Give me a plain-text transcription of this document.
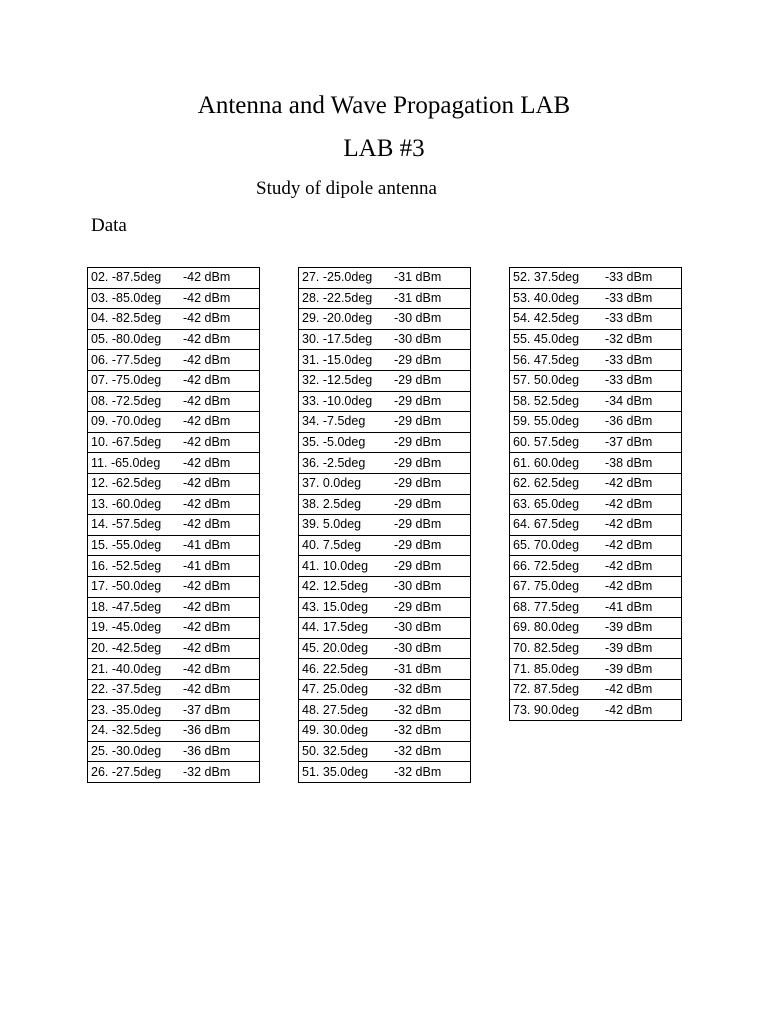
Antenna and Wave Propagation LAB
LAB #3
Study of dipole antenna
Data
02. -87.5deg -42 dBm
03. -85.0deg -42 dBm
04. -82.5deg -42 dBm
05. -80.0deg -42 dBm
06. -77.5deg -42 dBm
07. -75.0deg -42 dBm
08. -72.5deg -42 dBm
09. -70.0deg -42 dBm
10. -67.5deg -42 dBm
11. -65.0deg -42 dBm
12. -62.5deg -42 dBm
13. -60.0deg -42 dBm
14. -57.5deg -42 dBm
15. -55.0deg -41 dBm
16. -52.5deg -41 dBm
17. -50.0deg -42 dBm
18. -47.5deg -42 dBm
19. -45.0deg -42 dBm
20. -42.5deg -42 dBm
21. -40.0deg -42 dBm
22. -37.5deg -42 dBm
23. -35.0deg -37 dBm
24. -32.5deg -36 dBm
25. -30.0deg -36 dBm
26. -27.5deg -32 dBm
27. -25.0deg -31 dBm
28. -22.5deg -31 dBm
29. -20.0deg -30 dBm
30. -17.5deg -30 dBm
31. -15.0deg -29 dBm
32. -12.5deg -29 dBm
33. -10.0deg -29 dBm
34. -7.5deg -29 dBm
35. -5.0deg -29 dBm
36. -2.5deg -29 dBm
37. 0.0deg	-29 dBm
38. 2.5deg	-29 dBm
39. 5.0deg	-29 dBm
40. 7.5deg	-29 dBm
41. 10.0deg -29 dBm
42. 12.5deg -30 dBm
43. 15.0deg -29 dBm
44. 17.5deg -30 dBm
45. 20.0deg -30 dBm
46. 22.5deg -31 dBm
47. 25.0deg -32 dBm
48. 27.5deg -32 dBm
49. 30.0deg -32 dBm
50. 32.5deg -32 dBm
51. 35.0deg -32 dBm
52. 37.5deg -33 dBm
53. 40.0deg -33 dBm
54. 42.5deg -33 dBm
55. 45.0deg -32 dBm
56. 47.5deg -33 dBm
57. 50.0deg -33 dBm
58. 52.5deg -34 dBm
59. 55.0deg -36 dBm
60. 57.5deg -37 dBm
61. 60.0deg -38 dBm
62. 62.5deg -42 dBm
63. 65.0deg -42 dBm
64. 67.5deg -42 dBm
65. 70.0deg -42 dBm
66. 72.5deg -42 dBm
67. 75.0deg -42 dBm
68. 77.5deg -41 dBm
69. 80.0deg -39 dBm
70. 82.5deg -39 dBm
71. 85.0deg -39 dBm
72. 87.5deg -42 dBm
73. 90.0deg -42 dBm
